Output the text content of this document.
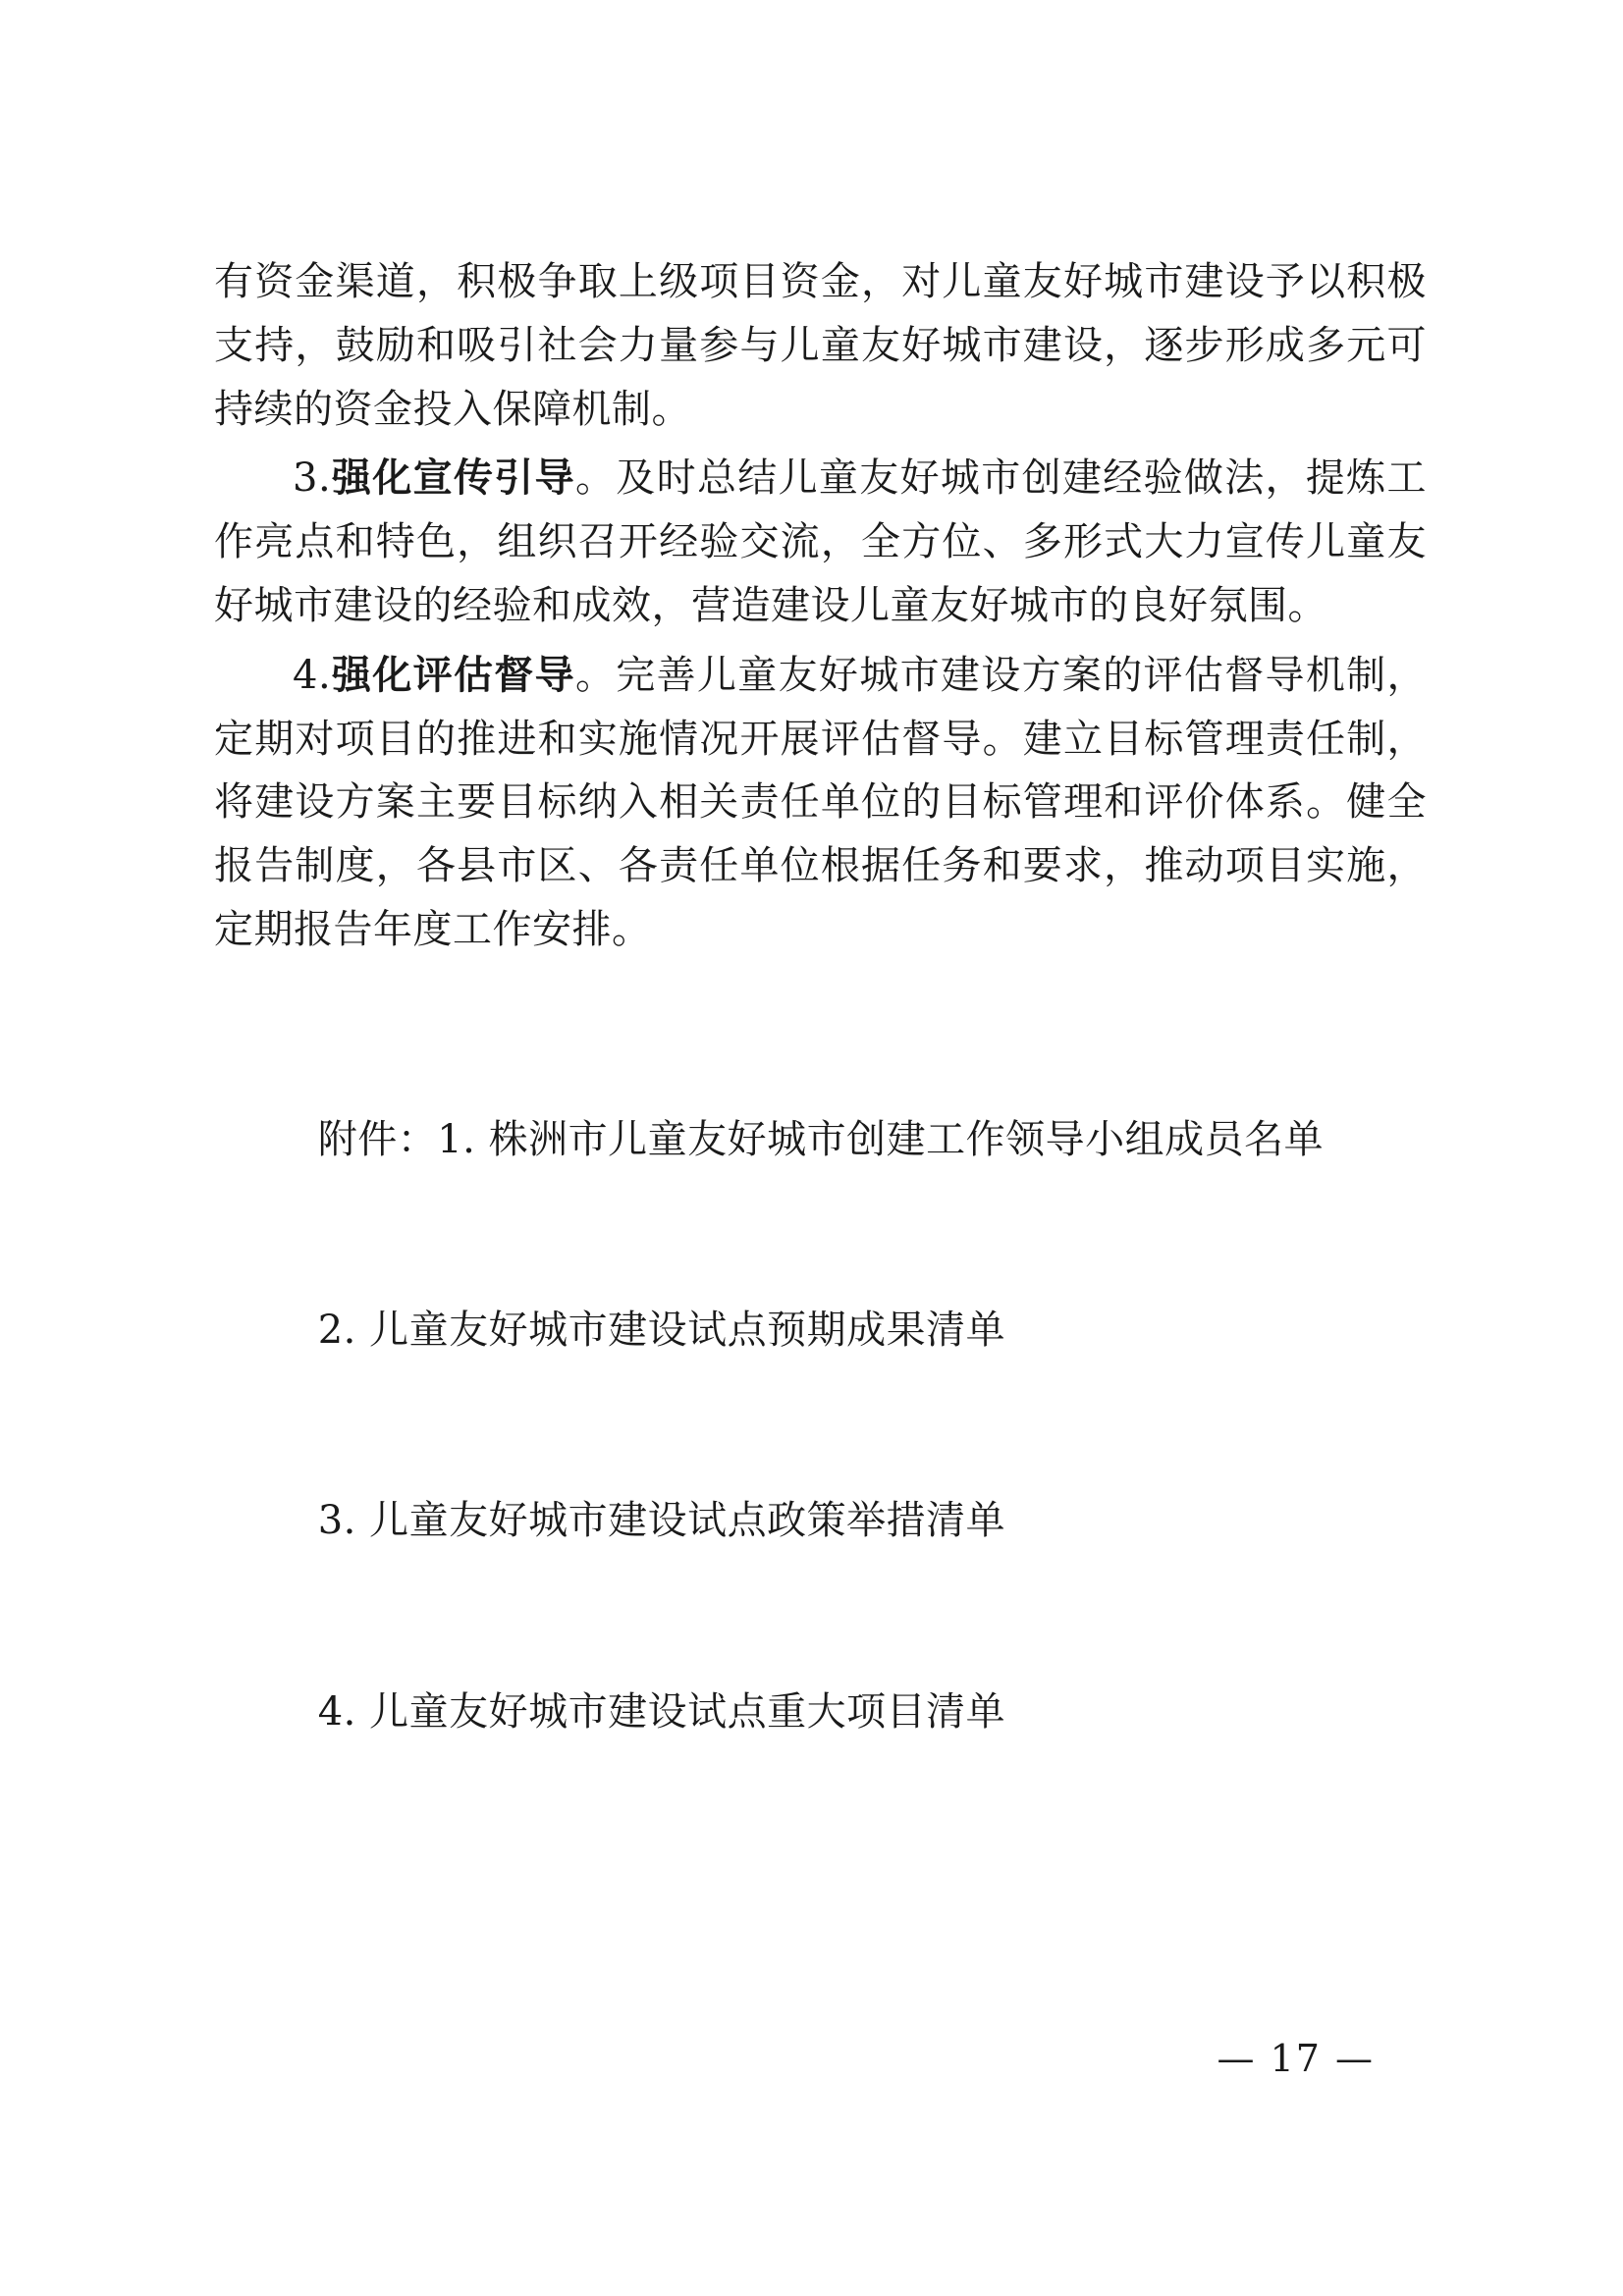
有资金渠道，积极争取上级项目资金，对儿童友好城市建设予以积极支持，鼓励和吸引社会力量参与儿童友好城市建设，逐步形成多元可持续的资金投入保障机制。

3.强化宣传引导。及时总结儿童友好城市创建经验做法，提炼工作亮点和特色，组织召开经验交流，全方位、多形式大力宣传儿童友好城市建设的经验和成效，营造建设儿童友好城市的良好氛围。

4.强化评估督导。完善儿童友好城市建设方案的评估督导机制，定期对项目的推进和实施情况开展评估督导。建立目标管理责任制，将建设方案主要目标纳入相关责任单位的目标管理和评价体系。健全报告制度，各县市区、各责任单位根据任务和要求，推动项目实施，定期报告年度工作安排。

附件：1. 株洲市儿童友好城市创建工作领导小组成员名单

2. 儿童友好城市建设试点预期成果清单

3. 儿童友好城市建设试点政策举措清单

4. 儿童友好城市建设试点重大项目清单

— 17 —
